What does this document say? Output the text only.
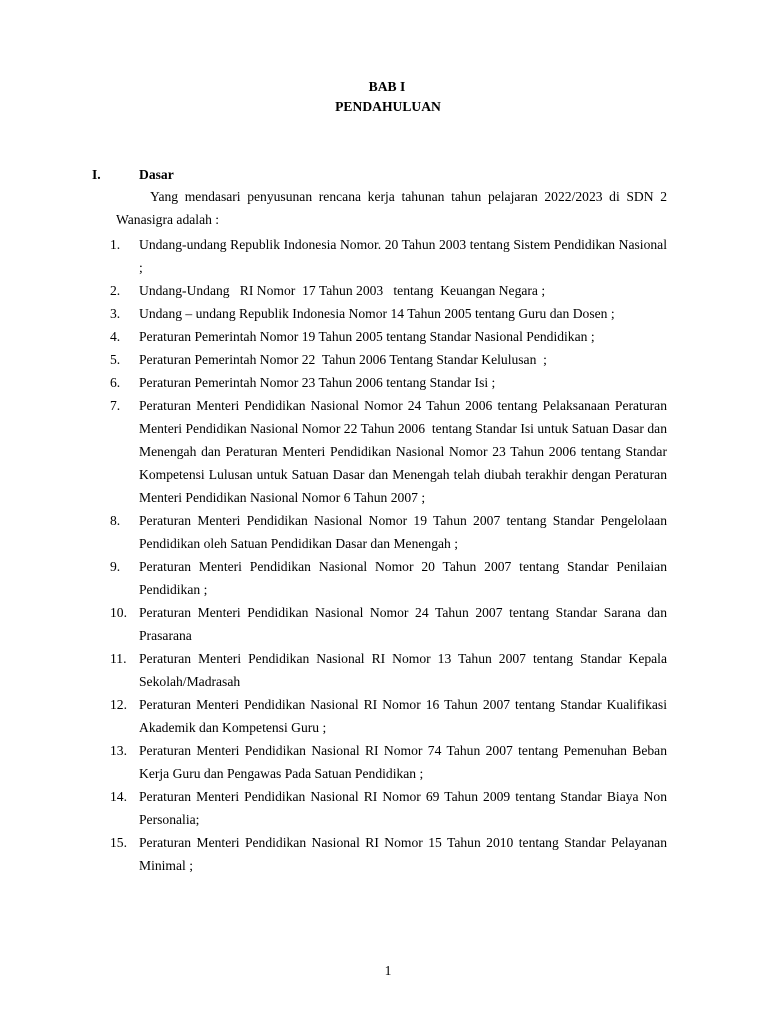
BAB I
PENDAHULUAN
I.	Dasar
Yang mendasari penyusunan rencana kerja tahunan tahun pelajaran 2022/2023 di SDN 2 Wanasigra adalah :
1. Undang-undang Republik Indonesia Nomor. 20 Tahun 2003 tentang Sistem Pendidikan Nasional ;
2. Undang-Undang   RI Nomor  17 Tahun 2003   tentang  Keuangan Negara ;
3. Undang – undang Republik Indonesia Nomor 14 Tahun 2005 tentang Guru dan Dosen ;
4. Peraturan Pemerintah Nomor 19 Tahun 2005 tentang Standar Nasional Pendidikan ;
5. Peraturan Pemerintah Nomor 22  Tahun 2006 Tentang Standar Kelulusan  ;
6. Peraturan Pemerintah Nomor 23 Tahun 2006 tentang Standar Isi ;
7. Peraturan Menteri Pendidikan Nasional Nomor 24 Tahun 2006 tentang Pelaksanaan Peraturan Menteri Pendidikan Nasional Nomor 22 Tahun 2006  tentang Standar Isi untuk Satuan Dasar dan Menengah dan Peraturan Menteri Pendidikan Nasional Nomor 23 Tahun 2006 tentang Standar Kompetensi Lulusan untuk Satuan Dasar dan Menengah telah diubah terakhir dengan Peraturan Menteri Pendidikan Nasional Nomor 6 Tahun 2007 ;
8. Peraturan Menteri Pendidikan Nasional Nomor 19 Tahun 2007 tentang Standar Pengelolaan Pendidikan oleh Satuan Pendidikan Dasar dan Menengah ;
9. Peraturan Menteri Pendidikan Nasional Nomor 20 Tahun 2007 tentang Standar Penilaian Pendidikan ;
10. Peraturan Menteri Pendidikan Nasional Nomor 24 Tahun 2007 tentang Standar Sarana dan Prasarana
11. Peraturan Menteri Pendidikan Nasional RI Nomor 13 Tahun 2007 tentang Standar Kepala Sekolah/Madrasah
12. Peraturan Menteri Pendidikan Nasional RI Nomor 16 Tahun 2007 tentang Standar Kualifikasi Akademik dan Kompetensi Guru ;
13. Peraturan Menteri Pendidikan Nasional RI Nomor 74 Tahun 2007 tentang Pemenuhan Beban Kerja Guru dan Pengawas Pada Satuan Pendidikan ;
14. Peraturan Menteri Pendidikan Nasional RI Nomor 69 Tahun 2009 tentang Standar Biaya Non Personalia;
15. Peraturan Menteri Pendidikan Nasional RI Nomor 15 Tahun 2010 tentang Standar Pelayanan Minimal ;
1
